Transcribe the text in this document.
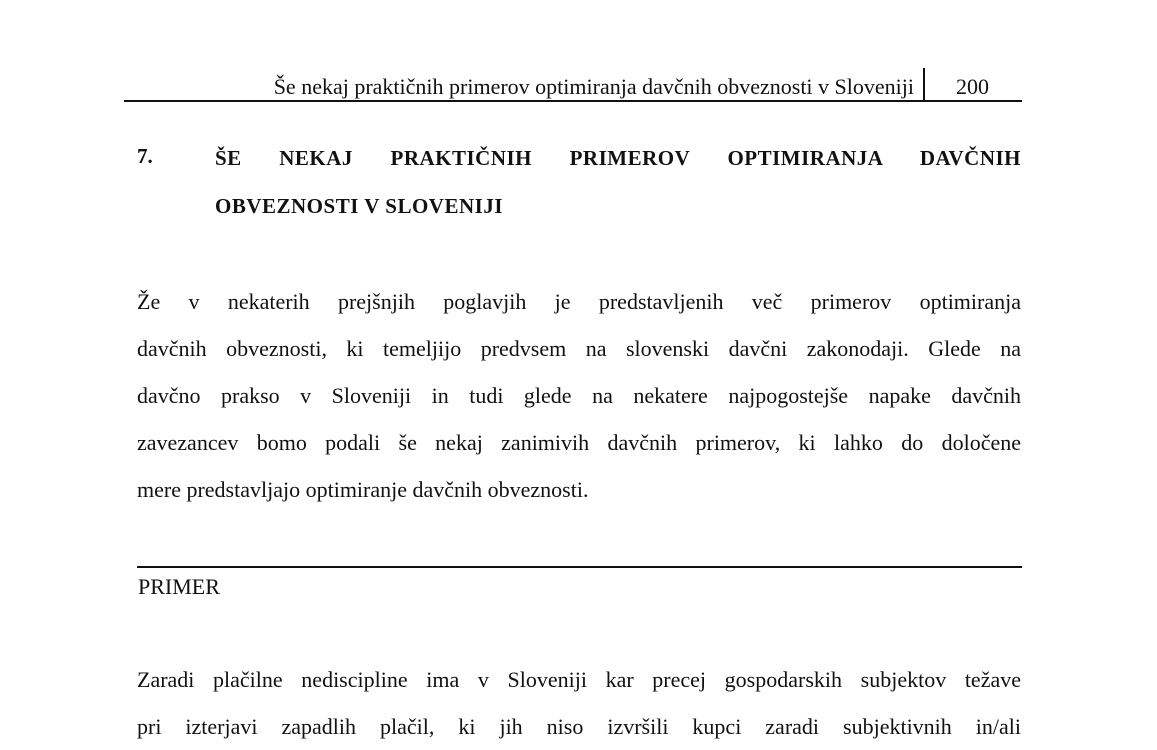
Še nekaj praktičnih primerov optimiranja davčnih obveznosti v Sloveniji 200
7.	ŠE NEKAJ PRAKTIČNIH PRIMEROV OPTIMIRANJA DAVČNIH
OBVEZNOSTI V SLOVENIJI
Že v nekaterih prejšnjih poglavjih je predstavljenih več primerov optimiranja
davčnih obveznosti, ki temeljijo predvsem na slovenski davčni zakonodaji. Glede na
davčno prakso v Sloveniji in tudi glede na nekatere najpogostejše napake davčnih
zavezancev bomo podali še nekaj zanimivih davčnih primerov, ki lahko do določene
mere predstavljajo optimiranje davčnih obveznosti.
PRIMER
Zaradi plačilne nediscipline ima v Sloveniji kar precej gospodarskih subjektov težave
pri izterjavi zapadlih plačil, ki jih niso izvršili kupci zaradi subjektivnih in/ali
